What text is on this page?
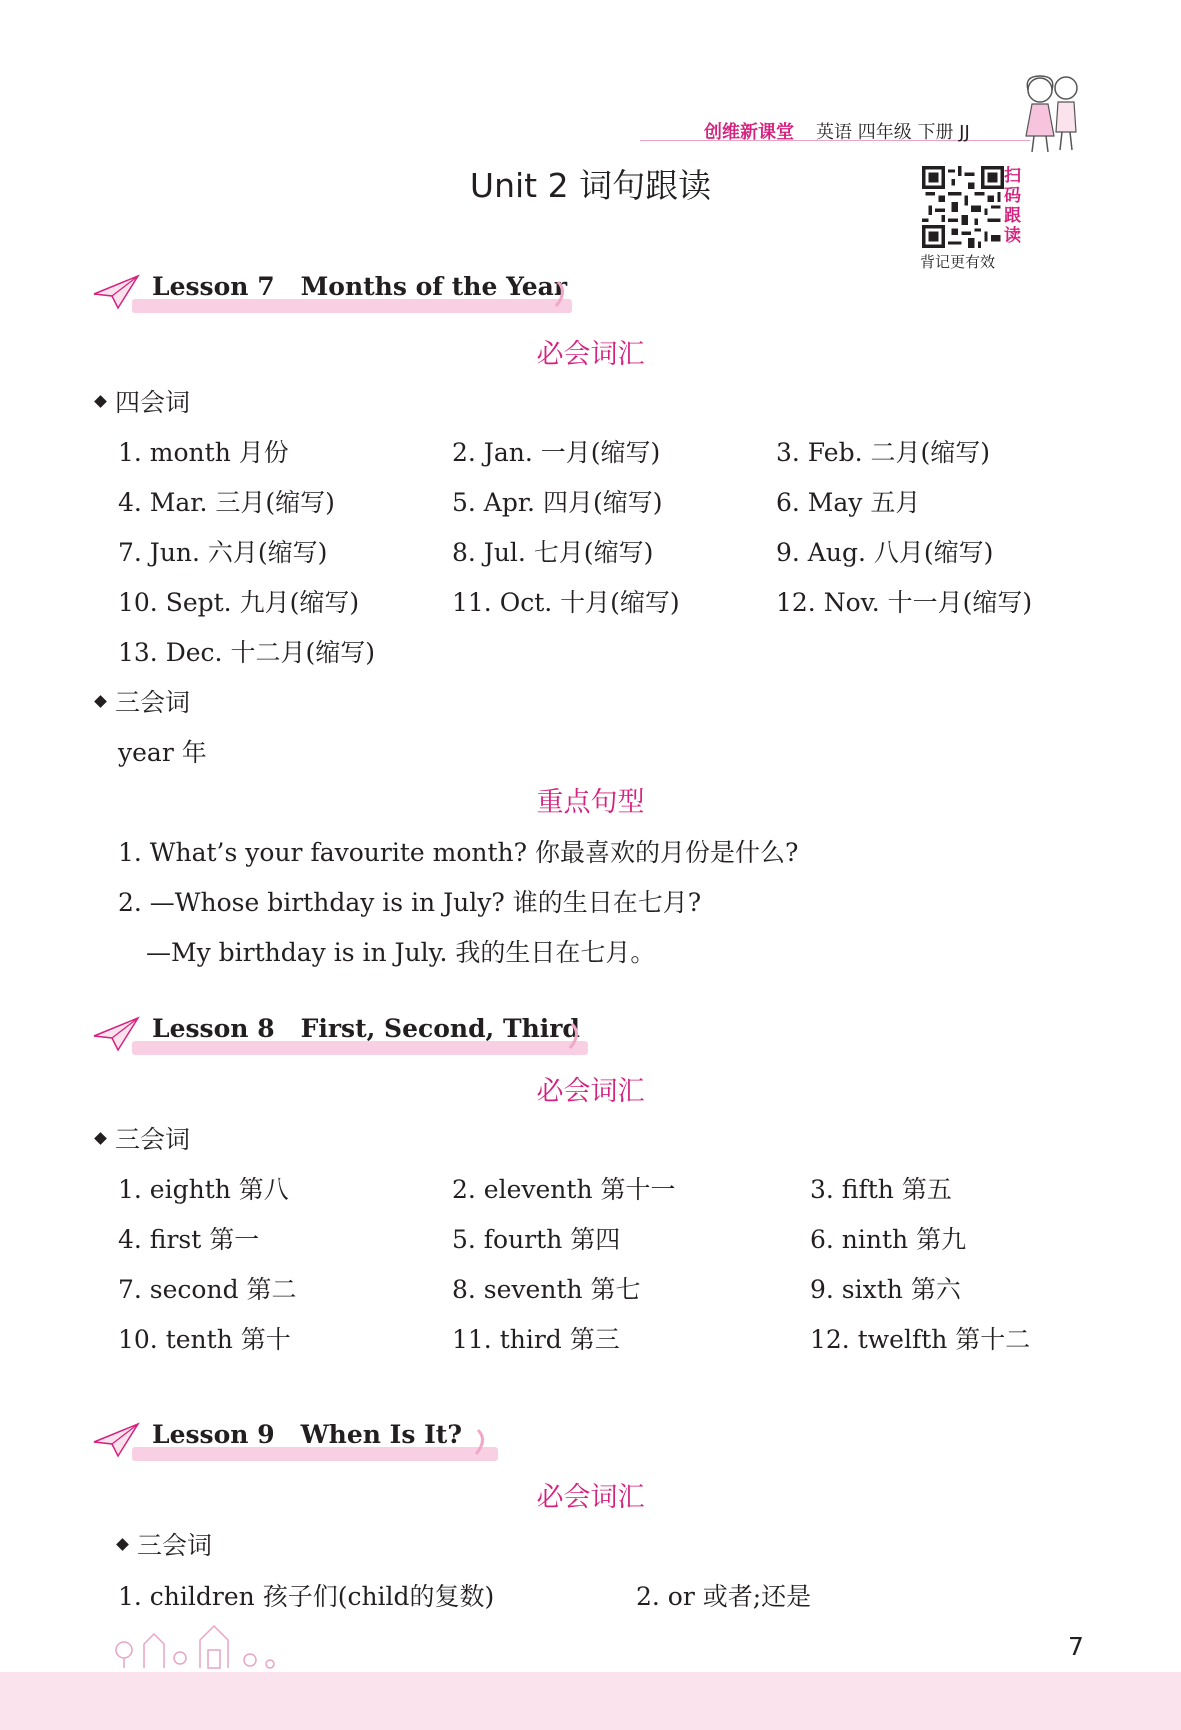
创维新课堂 英语 四年级 下册 JJ
Unit 2 词句跟读	扫
码
跟
读
背记更有效
Lesson 7 Months of the Year
必会词汇
四会词
1. month 月份	2. Jan. 一月(缩写)	3. Feb. 二月(缩写)
4. Mar. 三月(缩写)	5. Apr. 四月(缩写)	6. May 五月
7. Jun. 六月(缩写)	8. Jul. 七月(缩写)	9. Aug. 八月(缩写)
10. Sept. 九月(缩写)	11. Oct. 十月(缩写)	12. Nov. 十一月(缩写)
13. Dec. 十二月(缩写)
三会词
year 年
重点句型
1. What’s your favourite month? 你最喜欢的月份是什么?
2. —Whose birthday is in July? 谁的生日在七月?
—My birthday is in July. 我的生日在七月。
Lesson 8 First, Second, Third
必会词汇
三会词
1. eighth 第八	2. eleventh 第十一	3. fifth 第五
4. first 第一	5. fourth 第四	6. ninth 第九
7. second 第二	8. seventh 第七	9. sixth 第六
10. tenth 第十	11. third 第三	12. twelfth 第十二
Lesson 9 When Is It?
必会词汇
三会词
1. children 孩子们(child的复数)	2. or 或者;还是
7
